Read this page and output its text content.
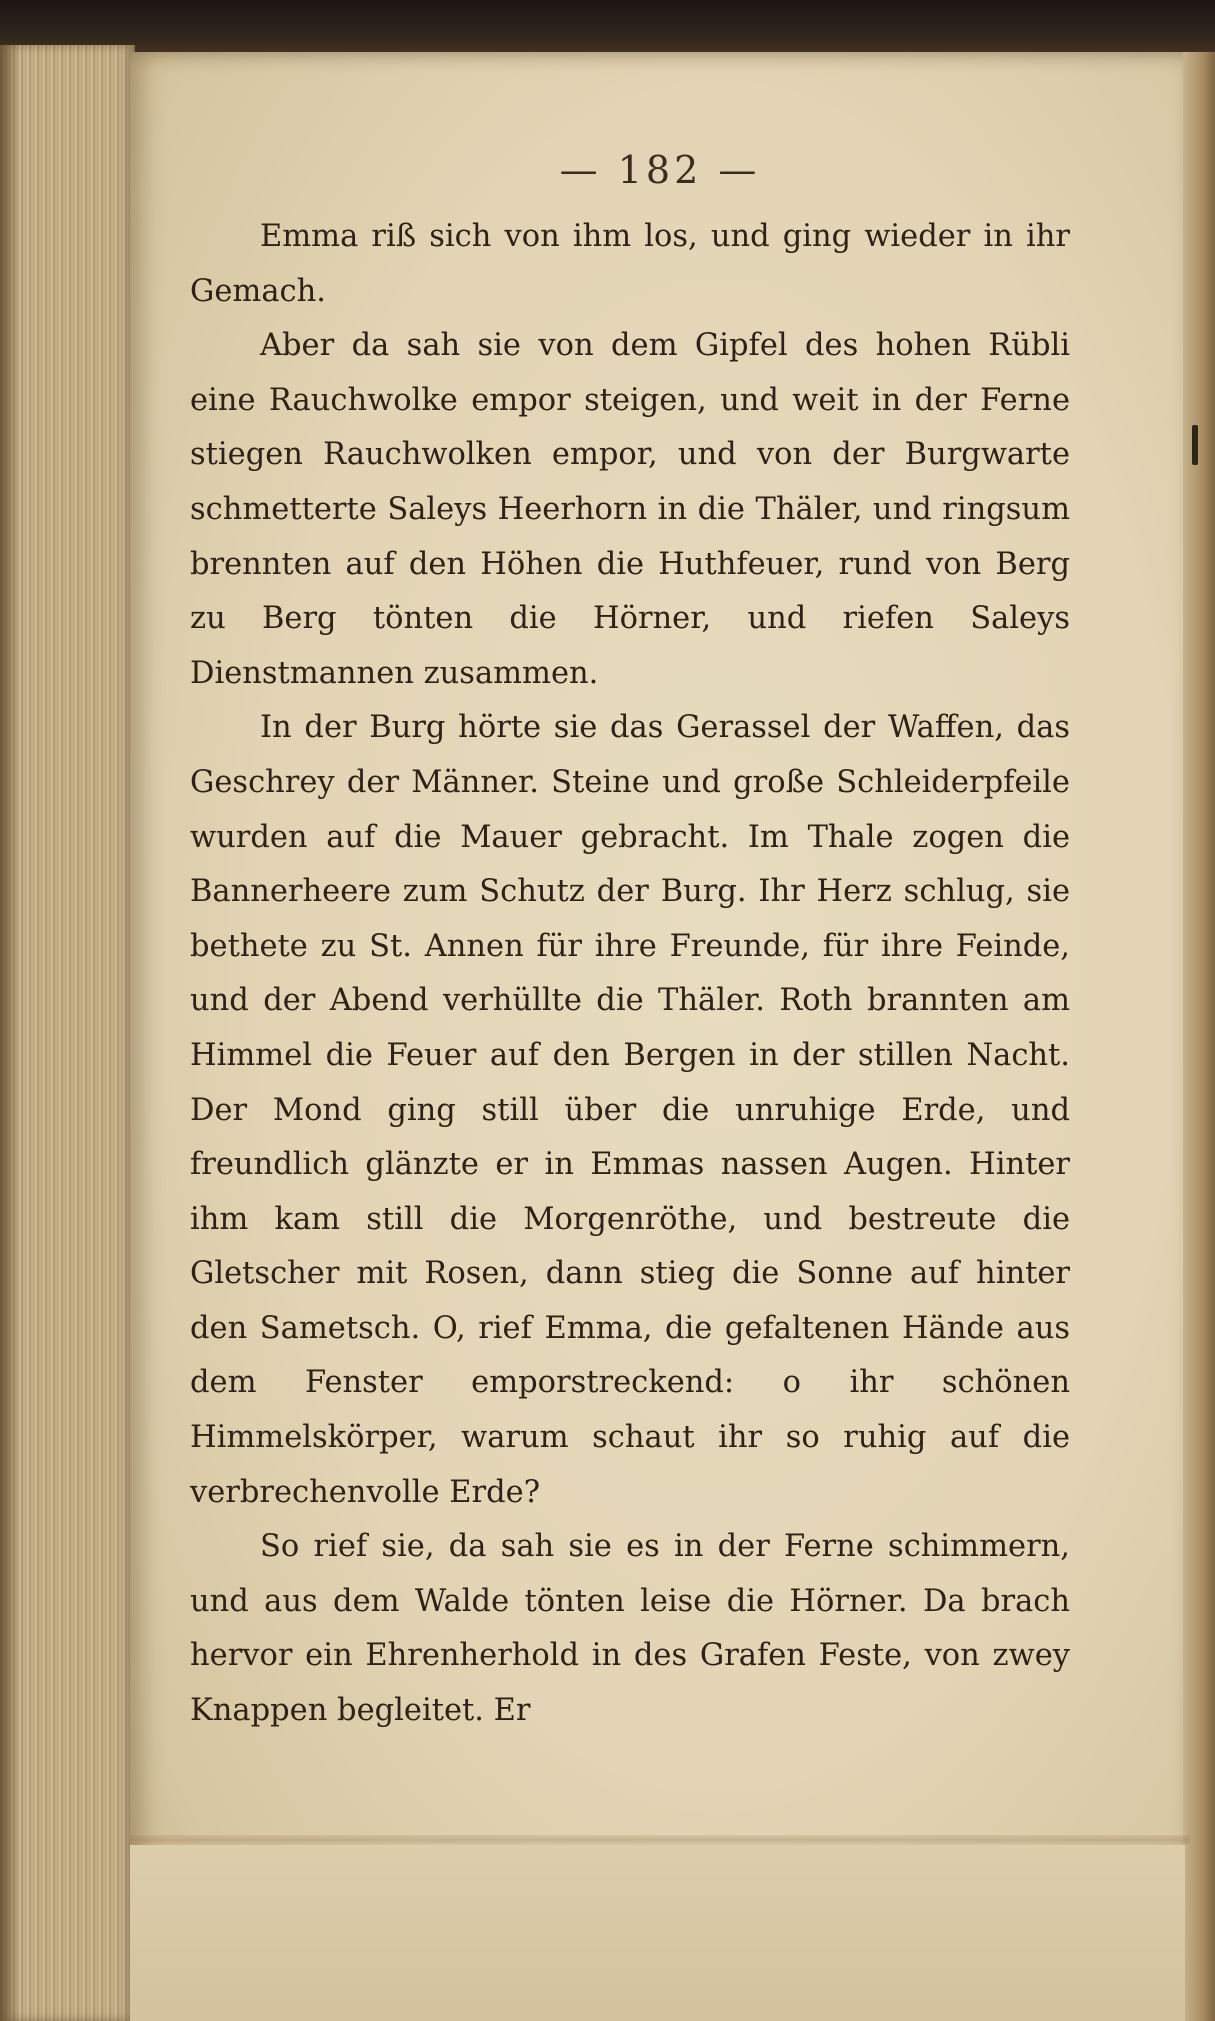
— 182 —

Emma riß sich von ihm los, und ging wieder in ihr Gemach.

Aber da sah sie von dem Gipfel des hohen Rübli eine Rauchwolke empor steigen, und weit in der Ferne stiegen Rauchwolken empor, und von der Burgwarte schmetterte Saleys Heerhorn in die Thäler, und ringsum brennten auf den Höhen die Huthfeuer, rund von Berg zu Berg tönten die Hörner, und riefen Saleys Dienstmannen zusammen.

In der Burg hörte sie das Gerassel der Waffen, das Geschrey der Männer. Steine und große Schleiderpfeile wurden auf die Mauer gebracht. Im Thale zogen die Bannerheere zum Schutz der Burg. Ihr Herz schlug, sie bethete zu St. Annen für ihre Freunde, für ihre Feinde, und der Abend verhüllte die Thäler. Roth brannten am Himmel die Feuer auf den Bergen in der stillen Nacht. Der Mond ging still über die unruhige Erde, und freundlich glänzte er in Emmas nassen Augen. Hinter ihm kam still die Morgenröthe, und bestreute die Gletscher mit Rosen, dann stieg die Sonne auf hinter den Sametsch. O, rief Emma, die gefaltenen Hände aus dem Fenster emporstreckend: o ihr schönen Himmelskörper, warum schaut ihr so ruhig auf die verbrechenvolle Erde?

So rief sie, da sah sie es in der Ferne schimmern, und aus dem Walde tönten leise die Hörner. Da brach hervor ein Ehrenherhold in des Grafen Feste, von zwey Knappen begleitet. Er
